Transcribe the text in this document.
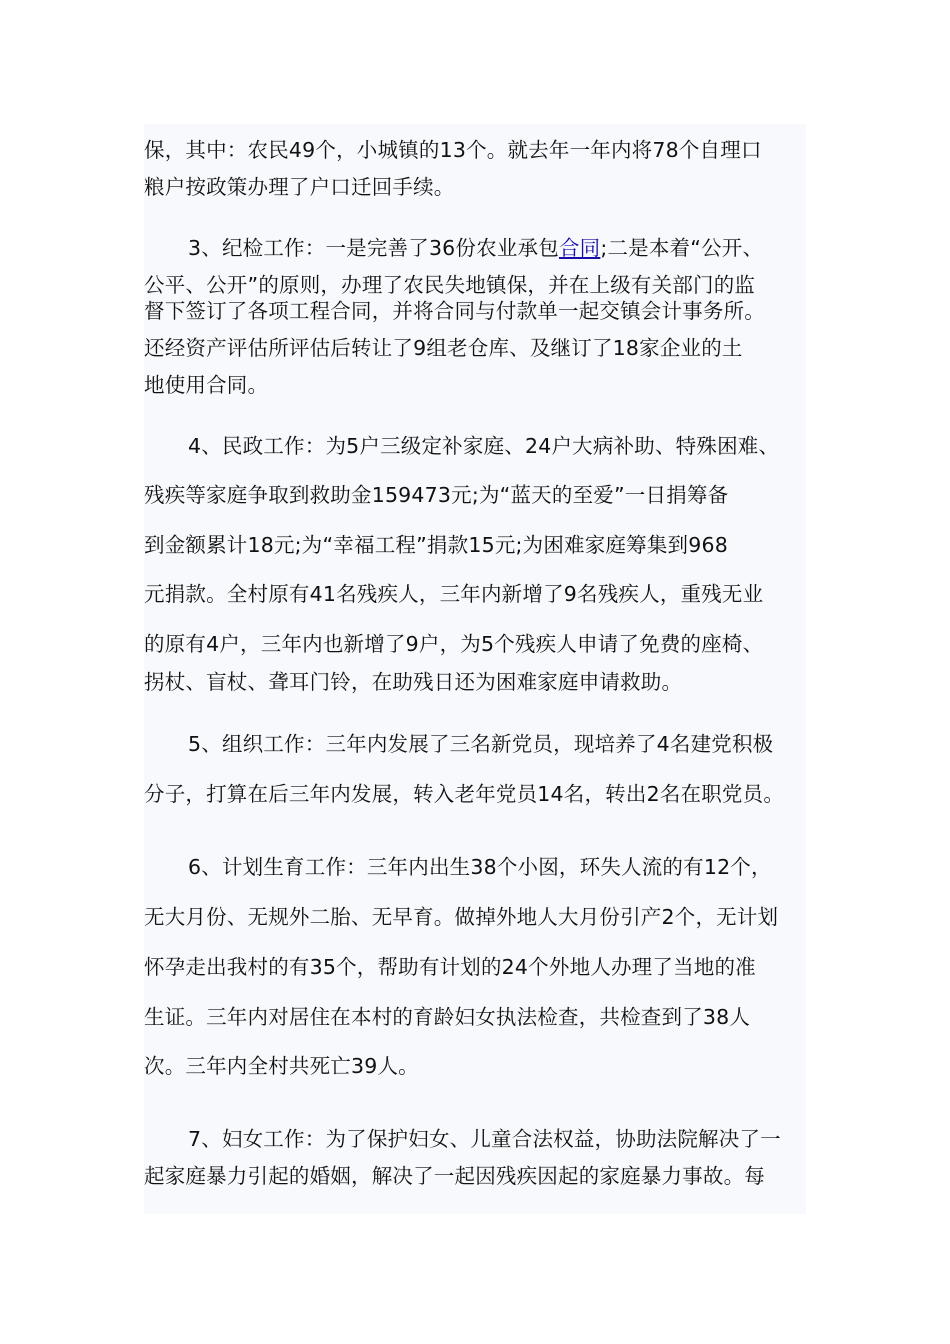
保，其中：农民49个，小城镇的13个。就去年一年内将78个自理口

粮户按政策办理了户口迁回手续。

3、纪检工作：一是完善了36份农业承包合同;二是本着“公开、

公平、公开”的原则，办理了农民失地镇保，并在上级有关部门的监

督下签订了各项工程合同，并将合同与付款单一起交镇会计事务所。

还经资产评估所评估后转让了9组老仓库、及继订了18家企业的土

地使用合同。

4、民政工作：为5户三级定补家庭、24户大病补助、特殊困难、

残疾等家庭争取到救助金159473元;为“蓝天的至爱”一日捐筹备

到金额累计18元;为“幸福工程”捐款15元;为困难家庭筹集到968

元捐款。全村原有41名残疾人，三年内新增了9名残疾人，重残无业

的原有4户，三年内也新增了9户，为5个残疾人申请了免费的座椅、

拐杖、盲杖、聋耳门铃，在助残日还为困难家庭申请救助。

5、组织工作：三年内发展了三名新党员，现培养了4名建党积极

分子，打算在后三年内发展，转入老年党员14名，转出2名在职党员。

6、计划生育工作：三年内出生38个小囡，环失人流的有12个，

无大月份、无规外二胎、无早育。做掉外地人大月份引产2个，无计划

怀孕走出我村的有35个，帮助有计划的24个外地人办理了当地的准

生证。三年内对居住在本村的育龄妇女执法检查，共检查到了38人

次。三年内全村共死亡39人。

7、妇女工作：为了保护妇女、儿童合法权益，协助法院解决了一

起家庭暴力引起的婚姻，解决了一起因残疾因起的家庭暴力事故。每
